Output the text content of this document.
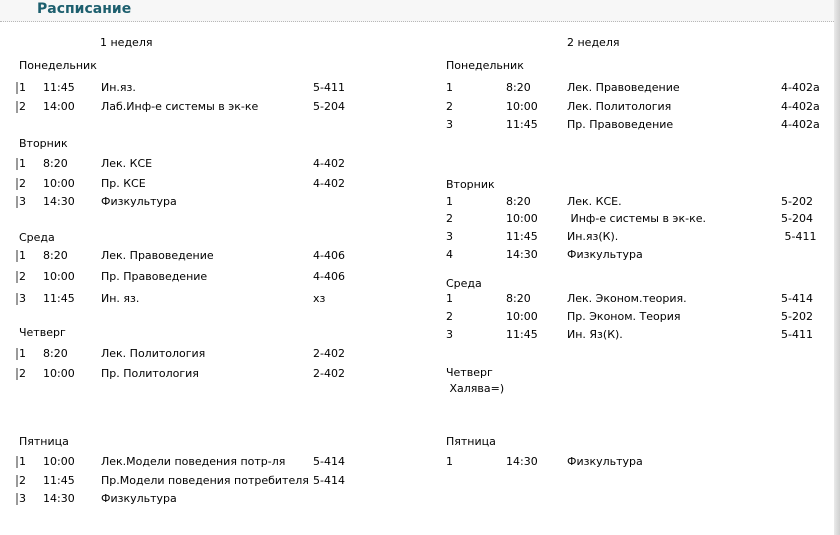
Расписание
1 неделя
Понедельник
1 11:45 Ин.яз.	5-411
2 14:00 Лаб.Инф-е системы в эк-ке	5-204
Вторник
1 8:20	Лек. КСЕ	4-402
2 10:00 Пр. КСЕ	4-402
3 14:30 Физкультура
Среда
1 8:20	Лек. Правоведение	4-406
2 10:00 Пр. Правоведение	4-406
3 11:45 Ин. яз.	хз
Четверг
1 8:20	Лек. Политология	2-402
2 10:00 Пр. Политология	2-402
Пятница
1 10:00 Лек.Модели поведения потр-ля	5-414
2 11:45 Пр.Модели поведения потребителя 5-414
3 14:30 Физкультура
2 неделя
Понедельник
1	8:20	Лек. Правоведение	4-402а
2	10:00	Лек. Политология	4-402а
3	11:45	Пр. Правоведение	4-402а
Вторник
1	8:20	Лек. КСЕ.	5-202
2	10:00	Инф-е системы в эк-ке.	5-204
3	11:45	Ин.яз(К).	5-411
4	14:30	Физкультура
Среда
1	8:20	Лек. Эконом.теория.	5-414
2	10:00	Пр. Эконом. Теория	5-202
3	11:45	Ин. Яз(К).	5-411
Четверг
Халява=)
Пятница
1	14:30	Физкультура
